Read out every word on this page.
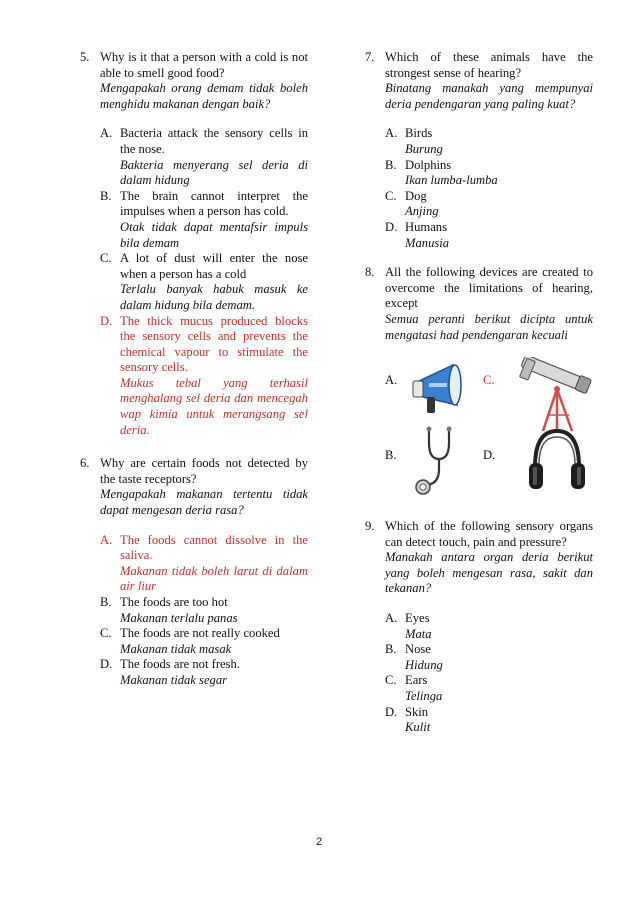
5. Why is it that a person with a cold is not able to smell good food?
Mengapakah orang demam tidak boleh menghidu makanan dengan baik?
A. Bacteria attack the sensory cells in the nose.
Bakteria menyerang sel deria di dalam hidung
B. The brain cannot interpret the impulses when a person has cold.
Otak tidak dapat mentafsir impuls bila demam
C. A lot of dust will enter the nose when a person has a cold
Terlalu banyak habuk masuk ke dalam hidung bila demam.
D. The thick mucus produced blocks the sensory cells and prevents the chemical vapour to stimulate the sensory cells.
Mukus tebal yang terhasil menghalang sel deria dan mencegah wap kimia untuk merangsang sel deria.
6. Why are certain foods not detected by the taste receptors?
Mengapakah makanan tertentu tidak dapat mengesan deria rasa?
A. The foods cannot dissolve in the saliva.
Makanan tidak boleh larut di dalam air liur
B. The foods are too hot
Makanan terlalu panas
C. The foods are not really cooked
Makanan tidak masak
D. The foods are not fresh.
Makanan tidak segar
7. Which of these animals have the strongest sense of hearing?
Binatang manakah yang mempunyai deria pendengaran yang paling kuat?
A. Birds
Burung
B. Dolphins
Ikan lumba-lumba
C. Dog
Anjing
D. Humans
Manusia
8. All the following devices are created to overcome the limitations of hearing, except
Semua peranti berikut dicipta untuk mengatasi had pendengaran kecuali
A.	C.
B.	D.
9. Which of the following sensory organs can detect touch, pain and pressure?
Manakah antara organ deria berikut yang boleh mengesan rasa, sakit dan tekanan?
A. Eyes
Mata
B. Nose
Hidung
C. Ears
Telinga
D. Skin
Kulit
2
